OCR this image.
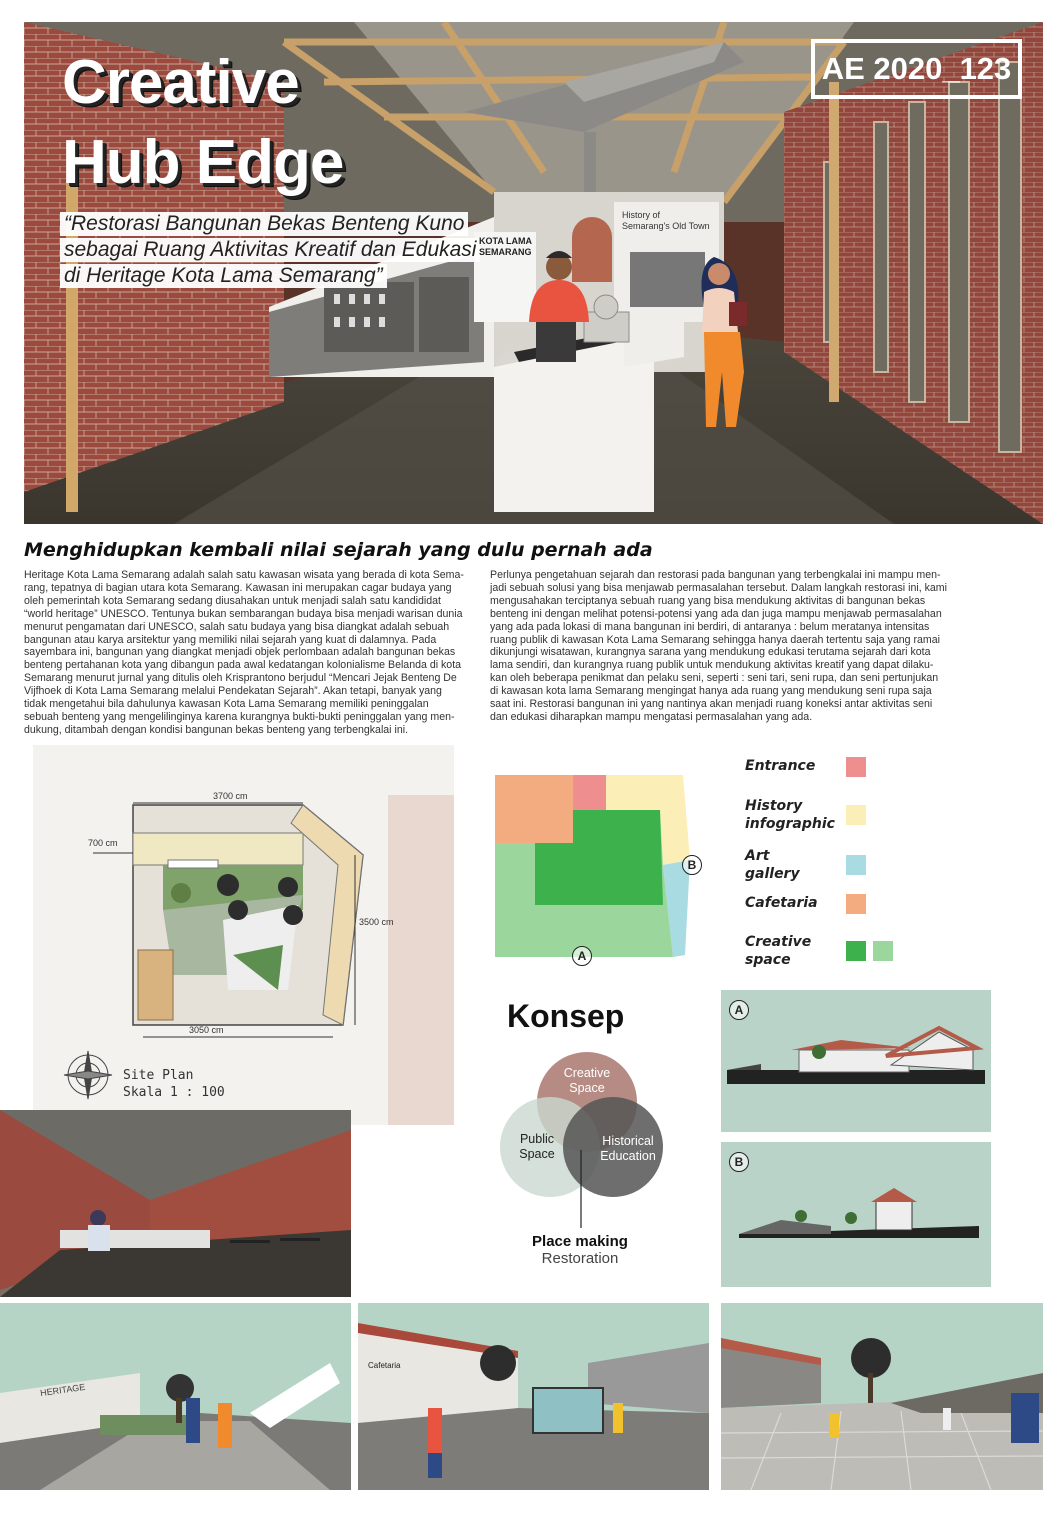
Creative
Hub Edge
“Restorasi Bangunan Bekas Benteng Kuno
sebagai Ruang Aktivitas Kreatif dan Edukasi
di Heritage Kota Lama Semarang”
AE 2020_123
History of
Semarang's Old Town
KOTA LAMA
SEMARANG
Menghidupkan kembali nilai sejarah yang dulu pernah ada
Heritage Kota Lama Semarang adalah salah satu kawasan wisata yang berada di kota Sema-
rang, tepatnya di bagian utara kota Semarang. Kawasan ini merupakan cagar budaya yang
oleh pemerintah kota Semarang sedang diusahakan untuk menjadi salah satu kandididat
“world heritage” UNESCO. Tentunya bukan sembarangan budaya bisa menjadi warisan dunia
menurut pengamatan dari UNESCO, salah satu budaya yang bisa diangkat adalah sebuah
bangunan atau karya arsitektur yang memiliki nilai sejarah yang kuat di dalamnya. Pada
sayembara ini, bangunan yang diangkat menjadi objek perlombaan adalah bangunan bekas
benteng pertahanan kota yang dibangun pada awal kedatangan kolonialisme Belanda di kota
Semarang menurut jurnal yang ditulis oleh Krisprantono berjudul “Mencari Jejak Benteng De
Vijfhoek di Kota Lama Semarang melalui Pendekatan Sejarah”. Akan tetapi, banyak yang
tidak mengetahui bila dahulunya kawasan Kota Lama Semarang memiliki peninggalan
sebuah benteng yang mengelilinginya karena kurangnya bukti-bukti peninggalan yang men-
dukung, ditambah dengan kondisi bangunan bekas benteng yang terbengkalai ini.
Perlunya pengetahuan sejarah dan restorasi pada bangunan yang terbengkalai ini mampu men-
jadi sebuah solusi yang bisa menjawab permasalahan tersebut. Dalam langkah restorasi ini, kami
mengusahakan terciptanya sebuah ruang yang bisa mendukung aktivitas di bangunan bekas
benteng ini dengan melihat potensi-potensi yang ada dan juga mampu menjawab permasalahan
yang ada pada lokasi di mana bangunan ini berdiri, di antaranya : belum meratanya intensitas
ruang publik di kawasan Kota Lama Semarang sehingga hanya daerah tertentu saja yang ramai
dikunjungi wisatawan, kurangnya sarana yang mendukung edukasi terutama sejarah dari kota
lama sendiri, dan kurangnya ruang publik untuk mendukung aktivitas kreatif yang dapat dilaku-
kan oleh beberapa penikmat dan pelaku seni, seperti : seni tari, seni rupa, dan seni pertunjukan
di kawasan kota lama Semarang mengingat hanya ada ruang yang mendukung seni rupa saja
saat ini. Restorasi bangunan ini yang nantinya akan menjadi ruang koneksi antar aktivitas seni
dan edukasi diharapkan mampu mengatasi permasalahan yang ada.
3700 cm
700 cm
3500 cm
3050 cm
Site Plan
Skala 1 : 100
A
B
Entrance
History
infographic
Art
gallery
Cafetaria
Creative
space
Konsep
Creative
Space
Public
Space
Historical
Education
Place making
Restoration
A
B
HERITAGE
Cafetaria
